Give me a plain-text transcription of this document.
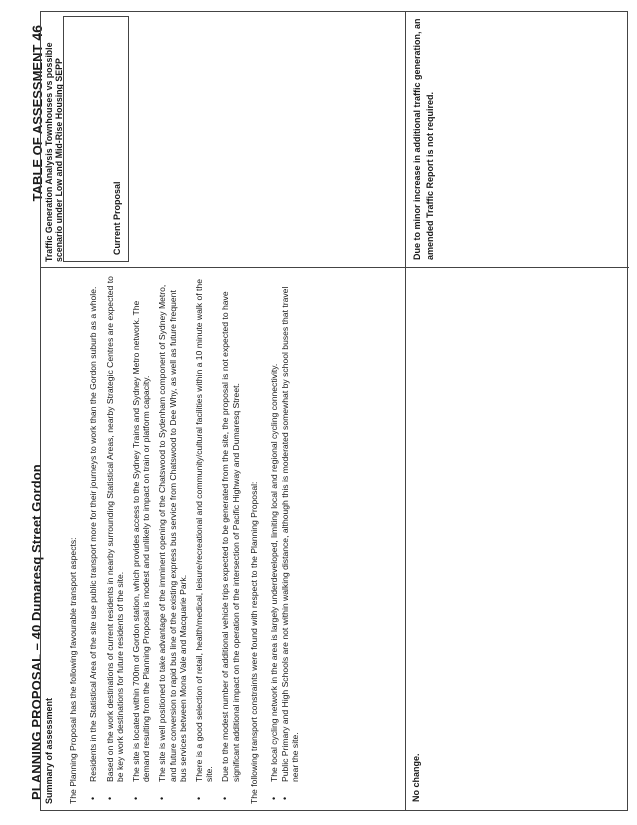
PLANNING PROPOSAL – 40 Dumaresq Street Gordon
TABLE OF ASSESSMENT46
Summary of assessment The Planning Proposal has the following favourable transport aspects: •
Residents in the Statistical Area of the site use public transport more for their journeys to work than the Gordon suburb as a whole.
•
Based on the work destinations of current residents in nearby surrounding Statistical Areas, nearby Strategic Centres are expected to be key work destinations for future residents of the site.
•
The site is located within 700m of Gordon station, which provides access to the Sydney Trains and Sydney Metro network. The demand resulting from the Planning Proposal is modest and unlikely to impact on train or platform capacity.
•
The site is well positioned to take advantage of the imminent opening of the Chatswood to Sydenham component of Sydney Metro, and future conversion to rapid bus line of the existing express bus service from Chatswood to Dee Why, as well as future frequent bus services between Mona Vale and Macquarie Park.
•
There is a good selection of retail, health/medical, leisure/recreational and community/cultural facilities within a 10 minute walk of the site.
•
Due to the modest number of additional vehicle trips expected to be generated from the site, the proposal is not expected to have significant additional impact on the operation of the intersection of Pacific Highway and Dumaresq Street. The following transport constraints were found with respect to the Planning Proposal: •
The local cycling network in the area is largely underdeveloped, limiting local and regional cycling connectivity.
•
Public Primary and High Schools are not within walking distance, although this is moderated somewhat by school buses that travel near the site.	No change.
Traffic Generation Analysis Townhouses vs possible scenario under Low and Mid-Rise Housing SEPP	Current Proposal	Due to minor increase in additional traffic generation, an amended Traffic Report is not required.
